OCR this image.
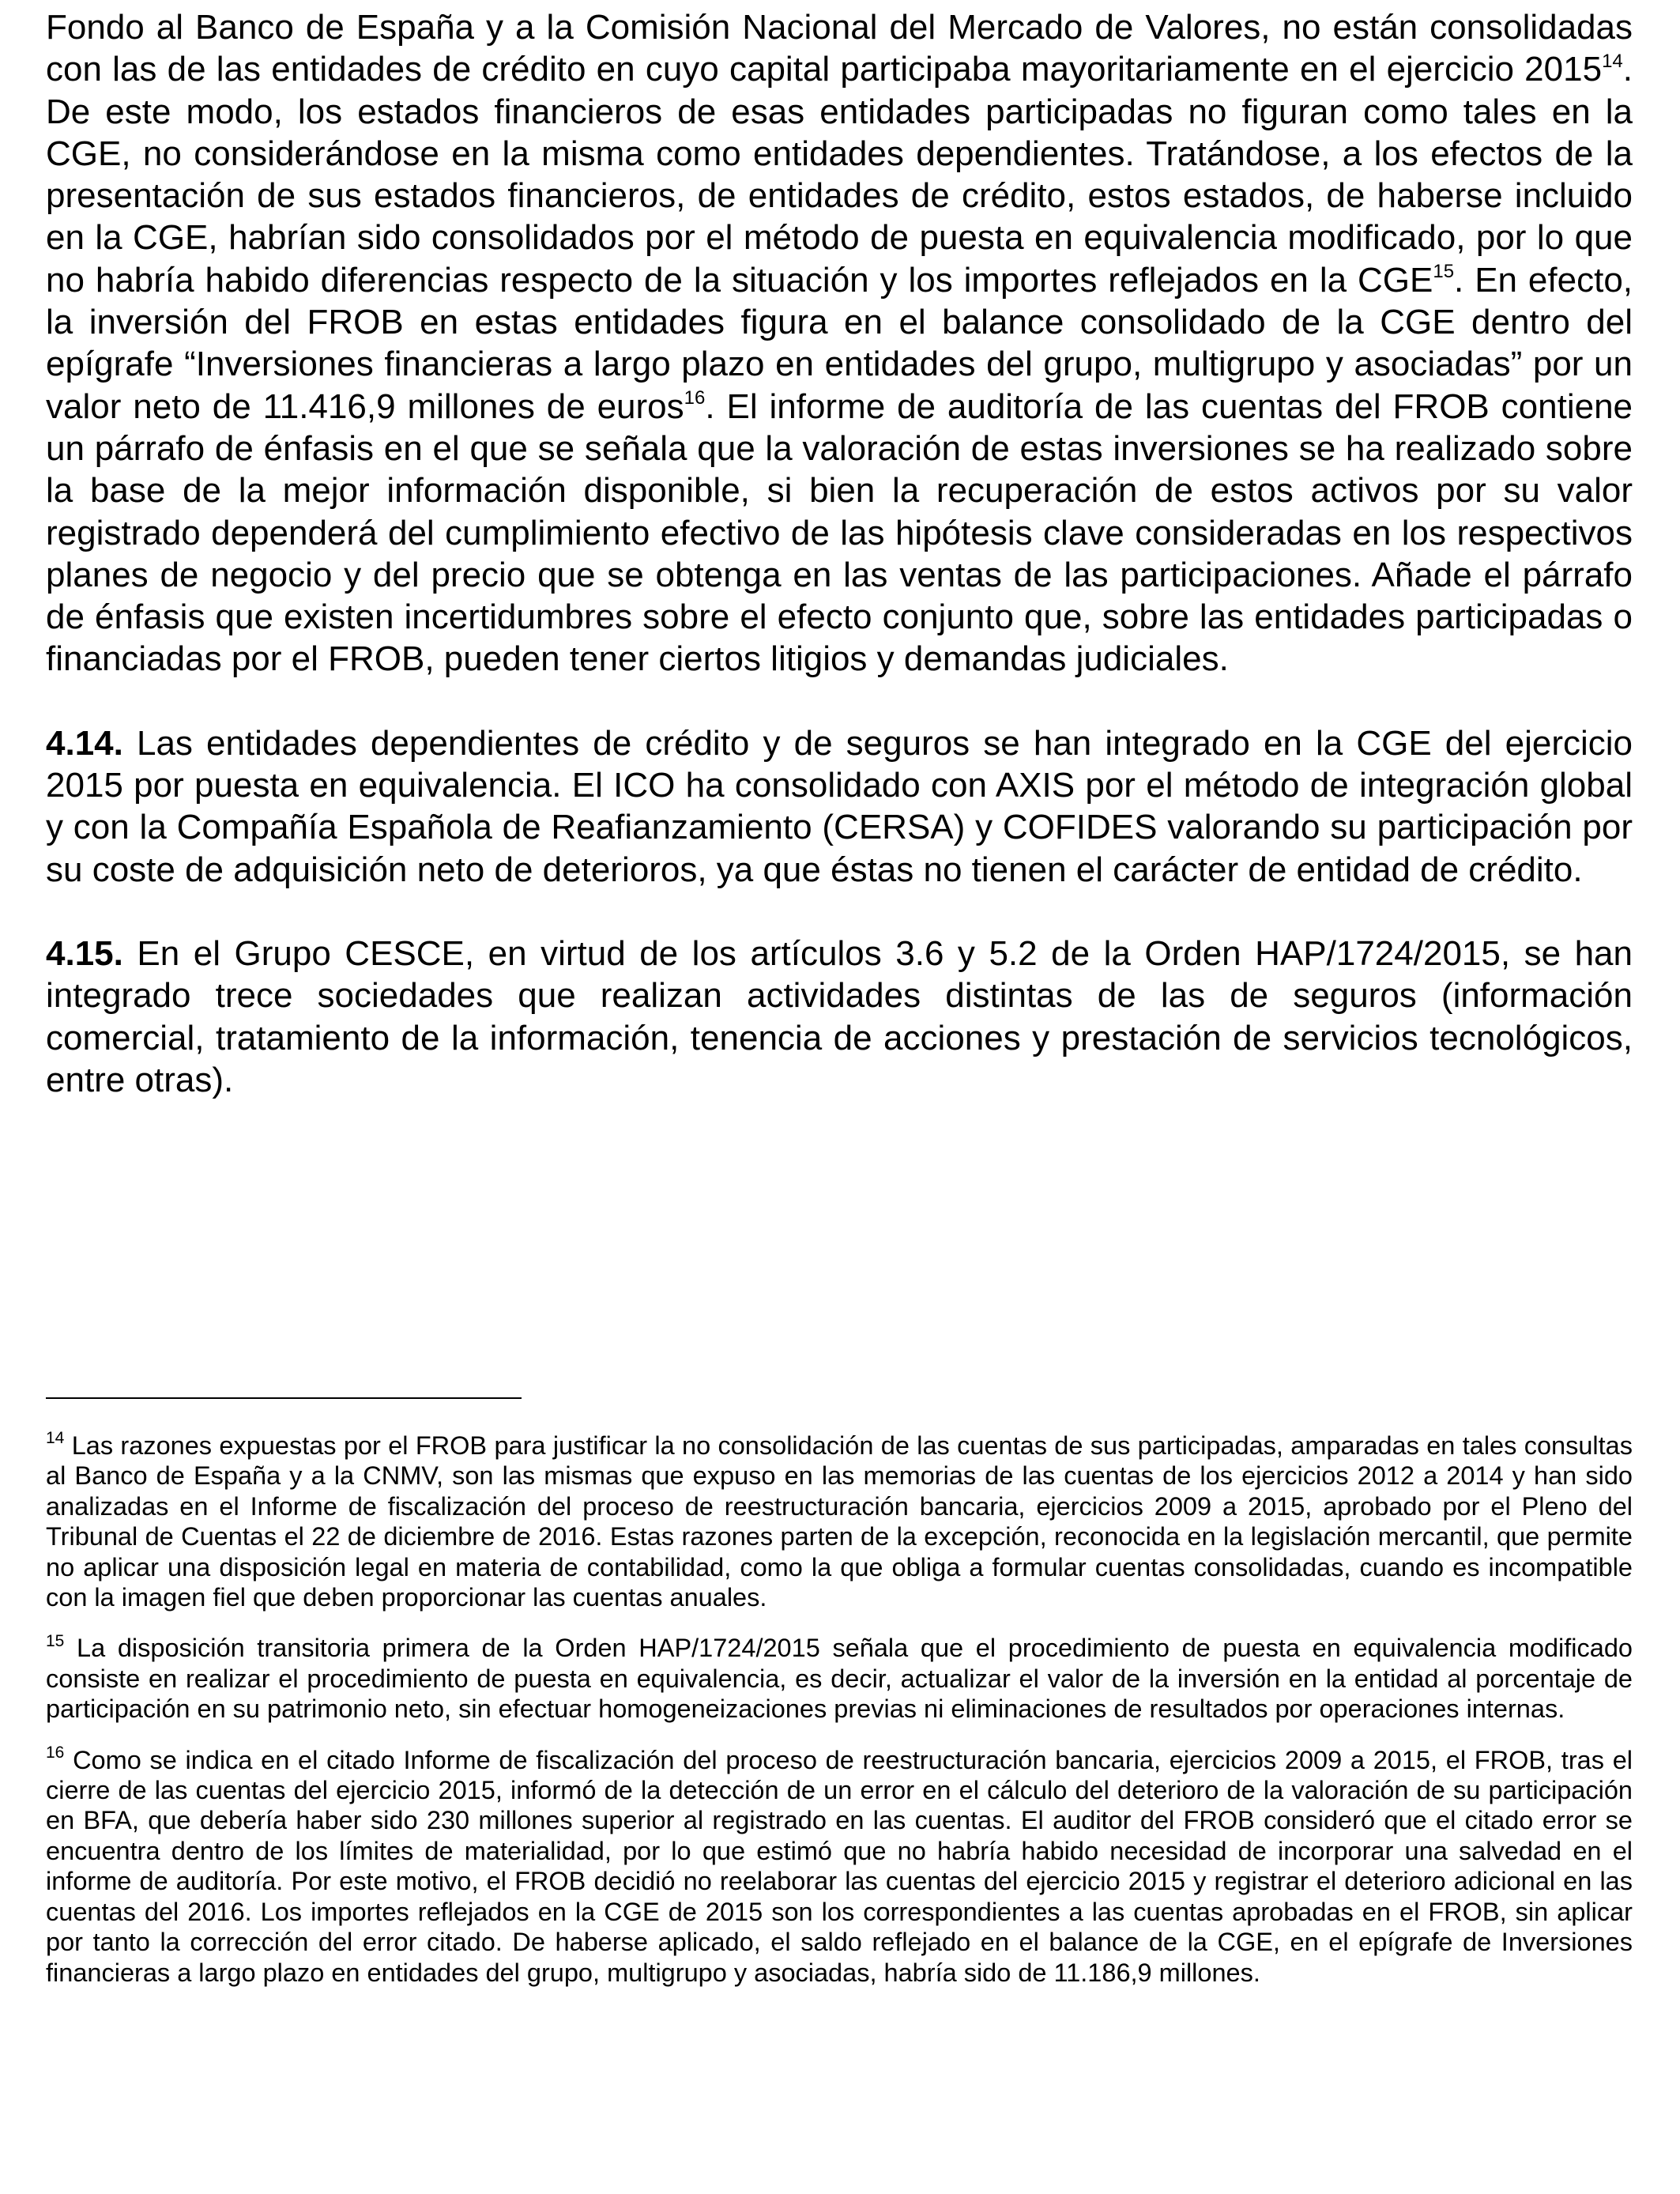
Fondo al Banco de España y a la Comisión Nacional del Mercado de Valores, no están consolidadas con las de las entidades de crédito en cuyo capital participaba mayoritariamente en el ejercicio 2015$^{14}$. De este modo, los estados financieros de esas entidades participadas no figuran como tales en la CGE, no considerándose en la misma como entidades dependientes. Tratándose, a los efectos de la presentación de sus estados financieros, de entidades de crédito, estos estados, de haberse incluido en la CGE, habrían sido consolidados por el método de puesta en equivalencia modificado, por lo que no habría habido diferencias respecto de la situación y los importes reflejados en la CGE$^{15}$. En efecto, la inversión del FROB en estas entidades figura en el balance consolidado de la CGE dentro del epígrafe “Inversiones financieras a largo plazo en entidades del grupo, multigrupo y asociadas” por un valor neto de 11.416,9 millones de euros$^{16}$. El informe de auditoría de las cuentas del FROB contiene un párrafo de énfasis en el que se señala que la valoración de estas inversiones se ha realizado sobre la base de la mejor información disponible, si bien la recuperación de estos activos por su valor registrado dependerá del cumplimiento efectivo de las hipótesis clave consideradas en los respectivos planes de negocio y del precio que se obtenga en las ventas de las participaciones. Añade el párrafo de énfasis que existen incertidumbres sobre el efecto conjunto que, sobre las entidades participadas o financiadas por el FROB, pueden tener ciertos litigios y demandas judiciales.

4.14. Las entidades dependientes de crédito y de seguros se han integrado en la CGE del ejercicio 2015 por puesta en equivalencia. El ICO ha consolidado con AXIS por el método de integración global y con la Compañía Española de Reafianzamiento (CERSA) y COFIDES valorando su participación por su coste de adquisición neto de deterioros, ya que éstas no tienen el carácter de entidad de crédito.

4.15. En el Grupo CESCE, en virtud de los artículos 3.6 y 5.2 de la Orden HAP/1724/2015, se han integrado trece sociedades que realizan actividades distintas de las de seguros (información comercial, tratamiento de la información, tenencia de acciones y prestación de servicios tecnológicos, entre otras).

$^{14}$ Las razones expuestas por el FROB para justificar la no consolidación de las cuentas de sus participadas, amparadas en tales consultas al Banco de España y a la CNMV, son las mismas que expuso en las memorias de las cuentas de los ejercicios 2012 a 2014 y han sido analizadas en el Informe de fiscalización del proceso de reestructuración bancaria, ejercicios 2009 a 2015, aprobado por el Pleno del Tribunal de Cuentas el 22 de diciembre de 2016. Estas razones parten de la excepción, reconocida en la legislación mercantil, que permite no aplicar una disposición legal en materia de contabilidad, como la que obliga a formular cuentas consolidadas, cuando es incompatible con la imagen fiel que deben proporcionar las cuentas anuales.

$^{15}$ La disposición transitoria primera de la Orden HAP/1724/2015 señala que el procedimiento de puesta en equivalencia modificado consiste en realizar el procedimiento de puesta en equivalencia, es decir, actualizar el valor de la inversión en la entidad al porcentaje de participación en su patrimonio neto, sin efectuar homogeneizaciones previas ni eliminaciones de resultados por operaciones internas.

$^{16}$ Como se indica en el citado Informe de fiscalización del proceso de reestructuración bancaria, ejercicios 2009 a 2015, el FROB, tras el cierre de las cuentas del ejercicio 2015, informó de la detección de un error en el cálculo del deterioro de la valoración de su participación en BFA, que debería haber sido 230 millones superior al registrado en las cuentas. El auditor del FROB consideró que el citado error se encuentra dentro de los límites de materialidad, por lo que estimó que no habría habido necesidad de incorporar una salvedad en el informe de auditoría. Por este motivo, el FROB decidió no reelaborar las cuentas del ejercicio 2015 y registrar el deterioro adicional en las cuentas del 2016. Los importes reflejados en la CGE de 2015 son los correspondientes a las cuentas aprobadas en el FROB, sin aplicar por tanto la corrección del error citado. De haberse aplicado, el saldo reflejado en el balance de la CGE, en el epígrafe de Inversiones financieras a largo plazo en entidades del grupo, multigrupo y asociadas, habría sido de 11.186,9 millones.
